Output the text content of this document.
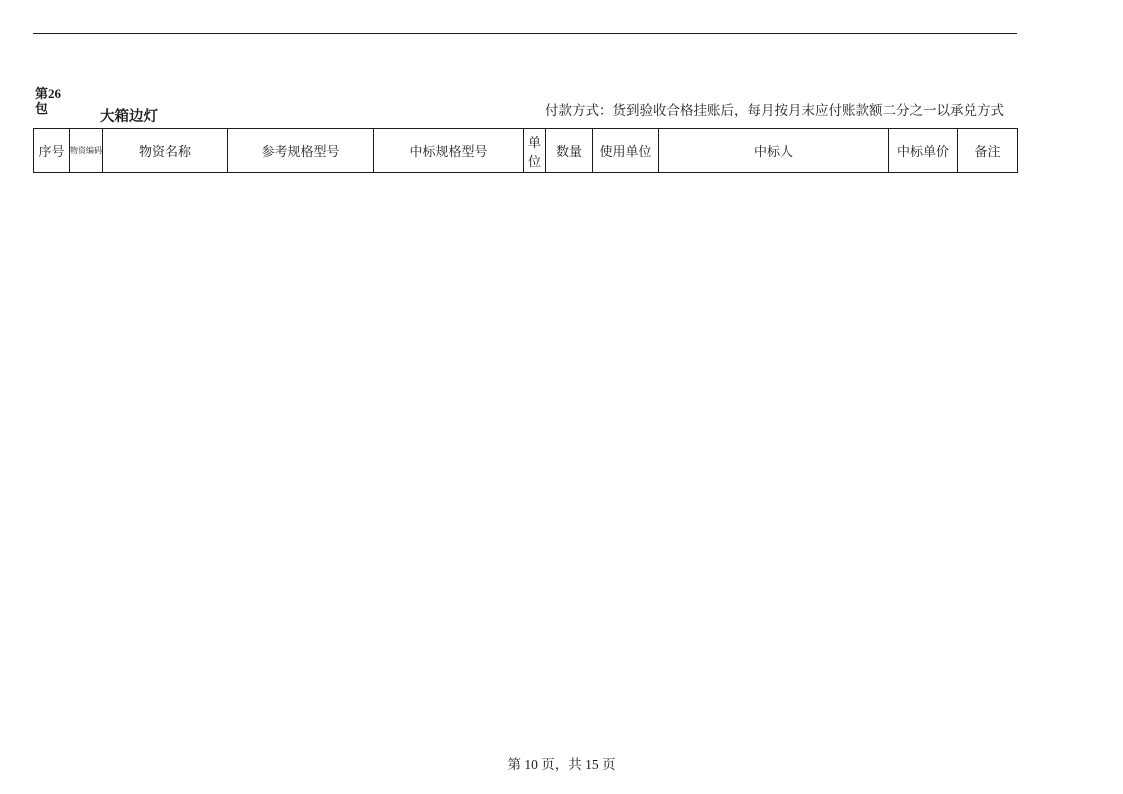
第26
包
大箱边灯	付款方式：货到验收合格挂账后，每月按月末应付账款额二分之一以承兑方式
序号	物资编码	物资名称	参考规格型号	中标规格型号	单位	数量	使用单位	中标人	中标单价	备注

第 10 页，共 15 页
